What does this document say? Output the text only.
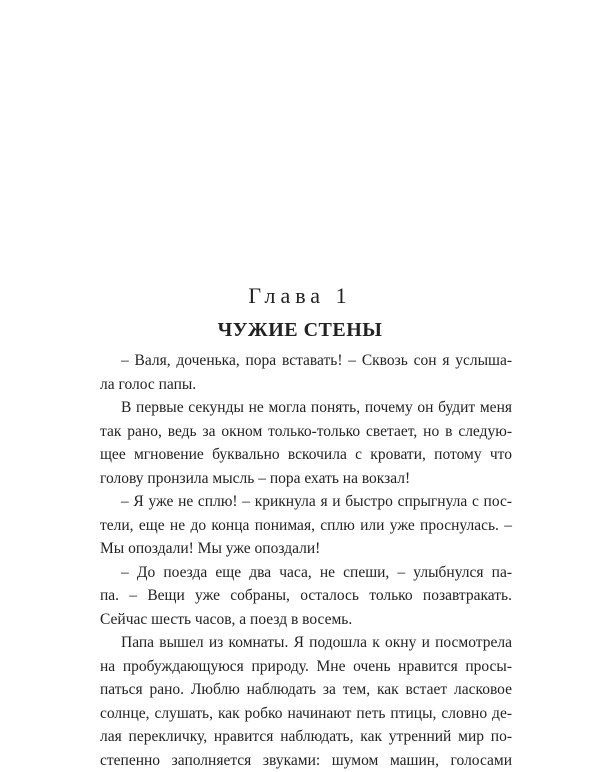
Глава 1
ЧУЖИЕ СТЕНЫ
– Валя, доченька, пора вставать! – Сквозь сон я услыша-
ла голос папы.
В первые секунды не могла понять, почему он будит меня
так рано, ведь за окном только-только светает, но в следую-
щее мгновение буквально вскочила с кровати, потому что
голову пронзила мысль – пора ехать на вокзал!
– Я уже не сплю! – крикнула я и быстро спрыгнула с пос-
тели, еще не до конца понимая, сплю или уже проснулась. –
Мы опоздали! Мы уже опоздали!
– До поезда еще два часа, не спеши, – улыбнулся па-
па. – Вещи уже собраны, осталось только позавтракать.
Сейчас шесть часов, а поезд в восемь.
Папа вышел из комнаты. Я подошла к окну и посмотрела
на пробуждающуюся природу. Мне очень нравится просы-
паться рано. Люблю наблюдать за тем, как встает ласковое
солнце, слушать, как робко начинают петь птицы, словно де-
лая перекличку, нравится наблюдать, как утренний мир по-
степенно заполняется звуками: шумом машин, голосами
